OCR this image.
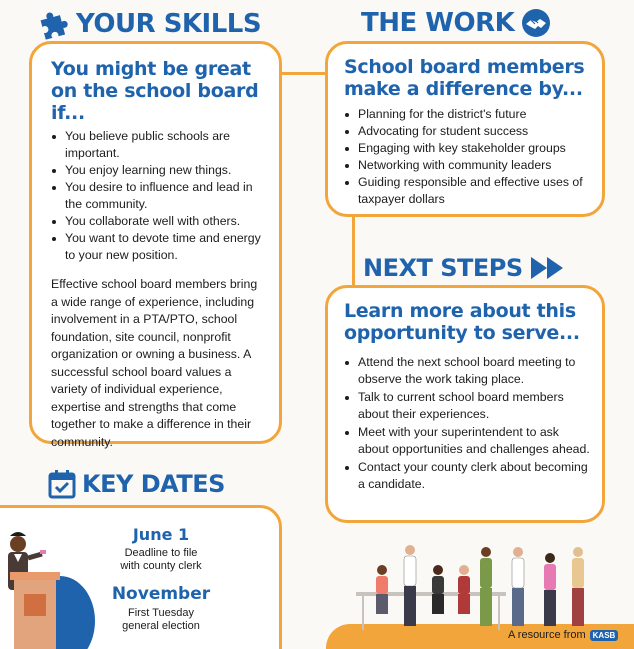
YOUR SKILLS	THE WORK
You might be great on the school board if...
You believe public schools are important.
You enjoy learning new things.
You desire to influence and lead in the community.
You collaborate well with others.
You want to devote time and energy to your new position.

Effective school board members bring a wide range of experience, including involvement in a PTA/PTO, school foundation, site council, nonprofit organization or owning a business. A successful school board values a variety of individual experience, expertise and strengths that come together to make a difference in their community.

School board members make a difference by...
Planning for the district's future
Advocating for student success
Engaging with key stakeholder groups
Networking with community leaders
Guiding responsible and effective uses of taxpayer dollars
NEXT STEPS
Learn more about this opportunity to serve...
Attend the next school board meeting to observe the work taking place.
Talk to current school board members about their experiences.
Meet with your superintendent to ask about opportunities and challenges ahead.
Contact your county clerk about becoming a candidate.
KEY DATES
June 1
Deadline to file
with county clerk
November
First Tuesday
general election
A resource from KASB
